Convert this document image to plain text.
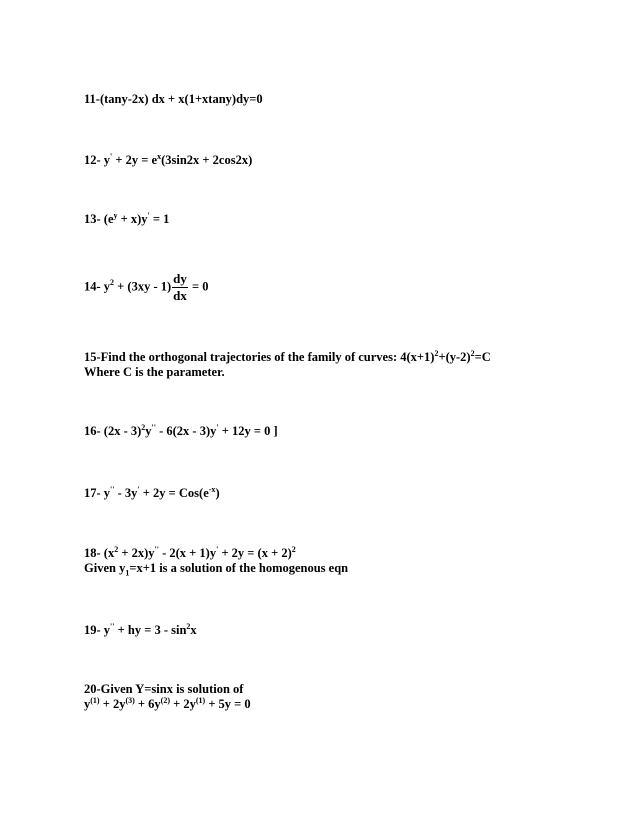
11-(tany-2x) dx + x(1+xtany)dy=0
12- $y' + 2y = e^x(3\sin 2x + 2\cos 2x)$
13- $(e^y + x)y' = 1$
14- $y^2 + (3xy - 1) \frac{dy}{dx} = 0$
15-Find the orthogonal trajectories of the family of curves: $4(x+1)^2+(y-2)^2=C$
Where C is the parameter.
16- (2x - 3)$^2$y'' - 6(2x - 3)y' + 12y = 0 ]
17- $y'' - 3y' + 2y = Cos(e^{-x})$
18- $(x^2 + 2x)y'' - 2(x + 1)y' + 2y = (x + 2)^2$
Given $y_1=x+1$ is a solution of the homogenous eqn
19- y'' + hy = $3 - \sin^2x$
20-Given Y=sinx is solution of
$y^{(1)} + 2y^{(3)} + 6y^{(2)} + 2y^{(1)} + 5y = 0$
